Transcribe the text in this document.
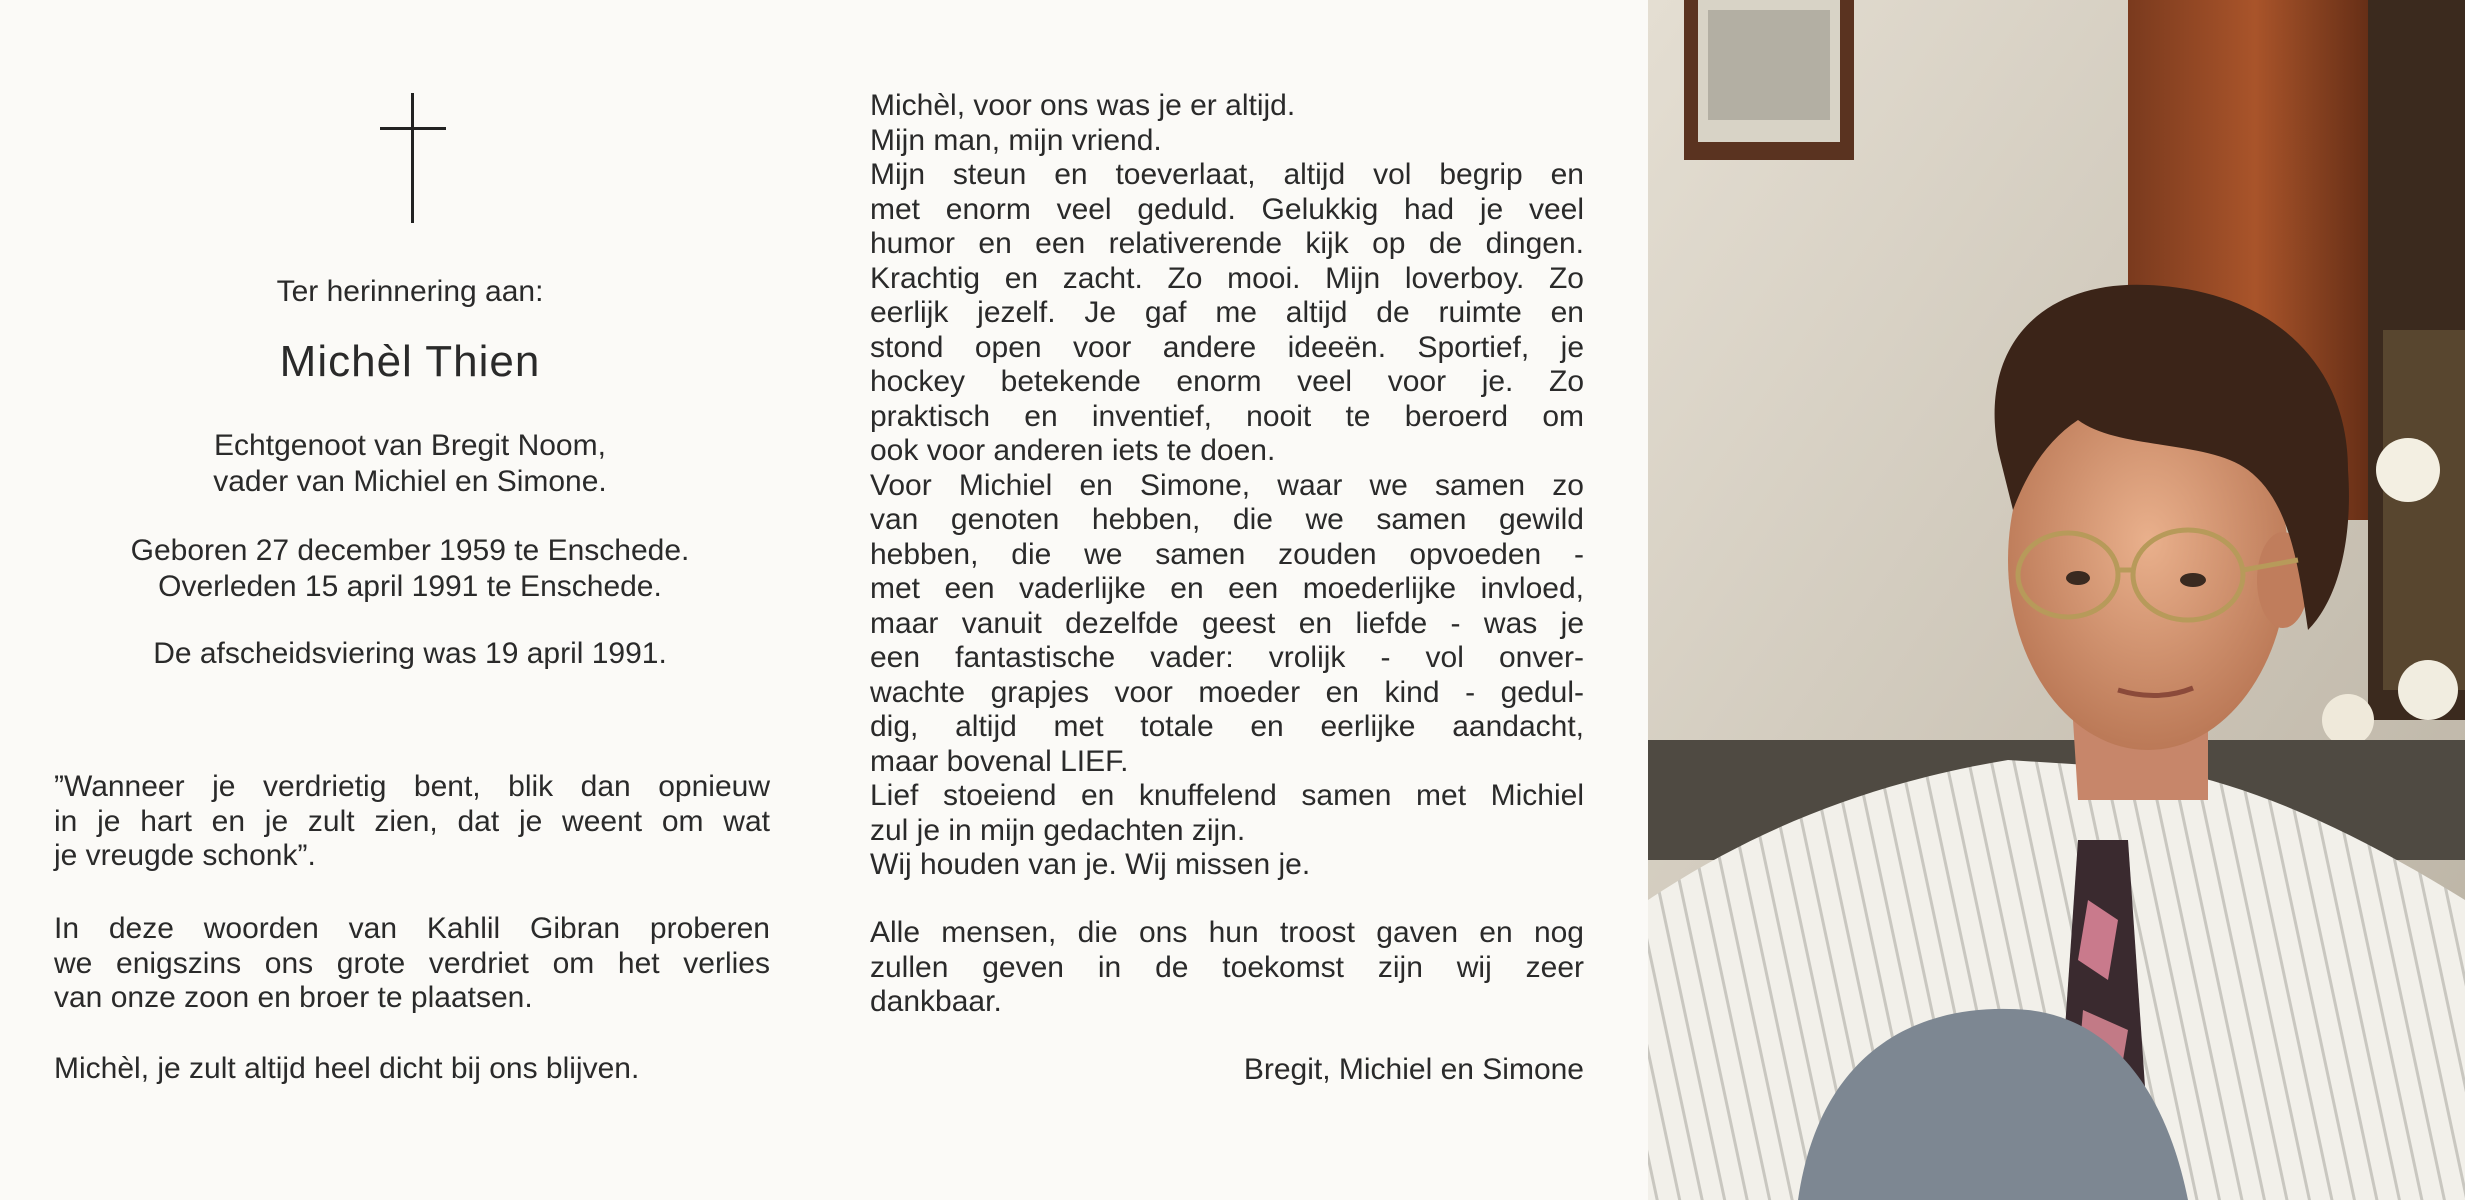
Ter herinnering aan:
Michèl Thien
Echtgenoot van Bregit Noom,
vader van Michiel en Simone.
Geboren 27 december 1959 te Enschede.
Overleden 15 april 1991 te Enschede.
De afscheidsviering was 19 april 1991.
”Wanneer je verdrietig bent, blik dan opnieuw
in je hart en je zult zien, dat je weent om wat
je vreugde schonk”.
In deze woorden van Kahlil Gibran proberen
we enigszins ons grote verdriet om het verlies
van onze zoon en broer te plaatsen.
Michèl, je zult altijd heel dicht bij ons blijven.
Michèl, voor ons was je er altijd.
Mijn man, mijn vriend.
Mijn steun en toeverlaat, altijd vol begrip en
met enorm veel geduld. Gelukkig had je veel
humor en een relativerende kijk op de dingen.
Krachtig en zacht. Zo mooi. Mijn loverboy. Zo
eerlijk jezelf. Je gaf me altijd de ruimte en
stond open voor andere ideeën. Sportief, je
hockey betekende enorm veel voor je. Zo
praktisch en inventief, nooit te beroerd om
ook voor anderen iets te doen.
Voor Michiel en Simone, waar we samen zo
van genoten hebben, die we samen gewild
hebben, die we samen zouden opvoeden -
met een vaderlijke en een moederlijke invloed,
maar vanuit dezelfde geest en liefde - was je
een fantastische vader: vrolijk - vol onver-
wachte grapjes voor moeder en kind - gedul-
dig, altijd met totale en eerlijke aandacht,
maar bovenal LIEF.
Lief stoeiend en knuffelend samen met Michiel
zul je in mijn gedachten zijn.
Wij houden van je. Wij missen je.
Alle mensen, die ons hun troost gaven en nog
zullen geven in de toekomst zijn wij zeer
dankbaar.
Bregit, Michiel en Simone
